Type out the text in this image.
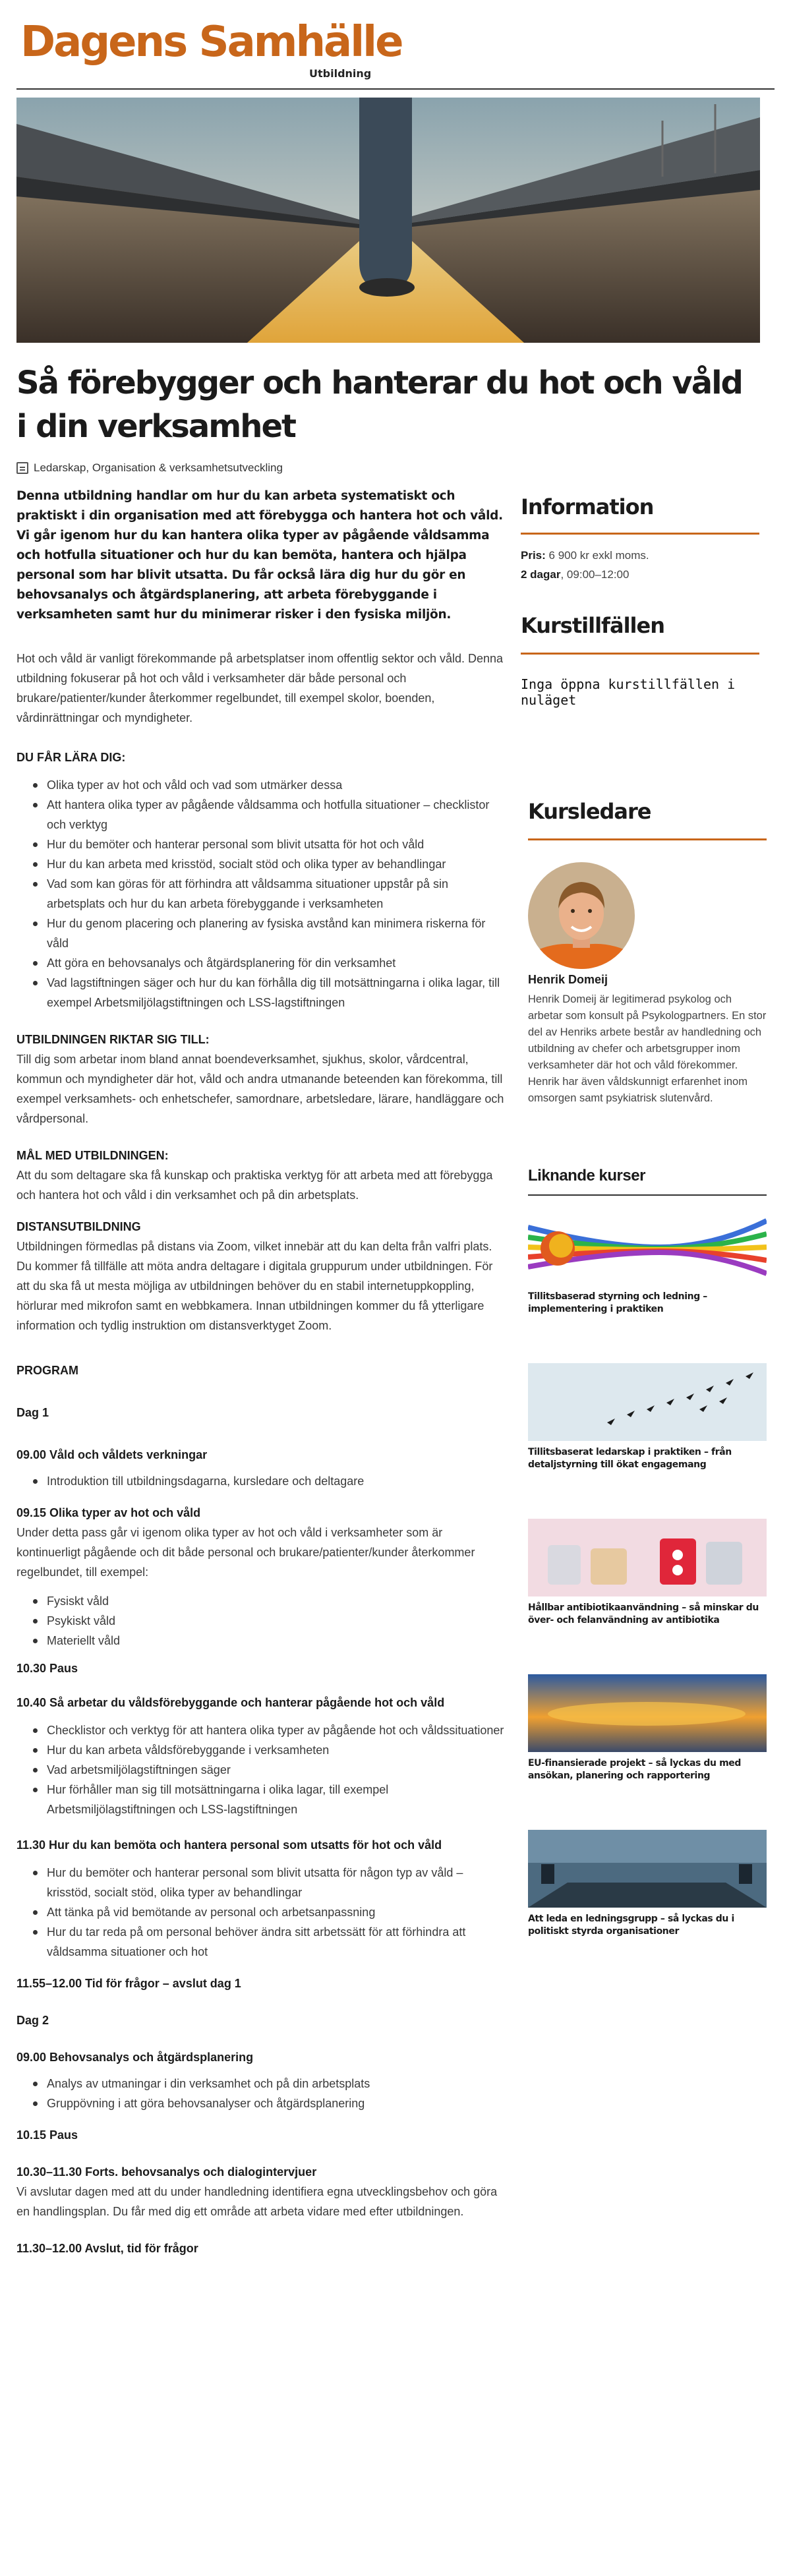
Dagens Samhälle
Utbildning
Så förebygger och hanterar du hot och våld i din verksamhet
Ledarskap, Organisation & verksamhetsutveckling

Denna utbildning handlar om hur du kan arbeta systematiskt och praktiskt i din organisation med att förebygga och hantera hot och våld. Vi går igenom hur du kan hantera olika typer av pågående våldsamma och hotfulla situationer och hur du kan bemöta, hantera och hjälpa personal som har blivit utsatta. Du får också lära dig hur du gör en behovsanalys och åtgärdsplanering, att arbeta förebyggande i verksamheten samt hur du minimerar risker i den fysiska miljön.

Hot och våld är vanligt förekommande på arbetsplatser inom offentlig sektor och våld. Denna utbildning fokuserar på hot och våld i verksamheter där både personal och brukare/patienter/kunder återkommer regelbundet, till exempel skolor, boenden, vårdinrättningar och myndigheter.

DU FÅR LÄRA DIG:

Olika typer av hot och våld och vad som utmärker dessa
Att hantera olika typer av pågående våldsamma och hotfulla situationer – checklistor och verktyg
Hur du bemöter och hanterar personal som blivit utsatta för hot och våld
Hur du kan arbeta med krisstöd, socialt stöd och olika typer av behandlingar
Vad som kan göras för att förhindra att våldsamma situationer uppstår på sin arbetsplats och hur du kan arbeta förebyggande i verksamheten
Hur du genom placering och planering av fysiska avstånd kan minimera riskerna för våld
Att göra en behovsanalys och åtgärdsplanering för din verksamhet
Vad lagstiftningen säger och hur du kan förhålla dig till motsättningarna i olika lagar, till exempel Arbetsmiljölagstiftningen och LSS-lagstiftningen

UTBILDNINGEN RIKTAR SIG TILL:

Till dig som arbetar inom bland annat boendeverksamhet, sjukhus, skolor, vårdcentral, kommun och myndigheter där hot, våld och andra utmanande beteenden kan förekomma, till exempel verksamhets- och enhetschefer, samordnare, arbetsledare, lärare, handläggare och vårdpersonal.

MÅL MED UTBILDNINGEN:

Att du som deltagare ska få kunskap och praktiska verktyg för att arbeta med att förebygga och hantera hot och våld i din verksamhet och på din arbetsplats.

DISTANSUTBILDNING

Utbildningen förmedlas på distans via Zoom, vilket innebär att du kan delta från valfri plats. Du kommer få tillfälle att möta andra deltagare i digitala gruppurum under utbildningen. För att du ska få ut mesta möjliga av utbildningen behöver du en stabil internetuppkoppling, hörlurar med mikrofon samt en webbkamera. Innan utbildningen kommer du få ytterligare information och tydlig instruktion om distansverktyget Zoom.

PROGRAM

Dag 1

09.00 Våld och våldets verkningar

Introduktion till utbildningsdagarna, kursledare och deltagare

09.15 Olika typer av hot och våld

Under detta pass går vi igenom olika typer av hot och våld i verksamheter som är kontinuerligt pågående och dit både personal och brukare/patienter/kunder återkommer regelbundet, till exempel:

Fysiskt våld
Psykiskt våld
Materiellt våld

10.30 Paus

10.40 Så arbetar du våldsförebyggande och hanterar pågående hot och våld

Checklistor och verktyg för att hantera olika typer av pågående hot och våldssituationer
Hur du kan arbeta våldsförebyggande i verksamheten
Vad arbetsmiljölagstiftningen säger
Hur förhåller man sig till motsättningarna i olika lagar, till exempel Arbetsmiljölagstiftningen och LSS-lagstiftningen

11.30 Hur du kan bemöta och hantera personal som utsatts för hot och våld

Hur du bemöter och hanterar personal som blivit utsatta för någon typ av våld – krisstöd, socialt stöd, olika typer av behandlingar
Att tänka på vid bemötande av personal och arbetsanpassning
Hur du tar reda på om personal behöver ändra sitt arbetssätt för att förhindra att våldsamma situationer och hot

11.55–12.00 Tid för frågor – avslut dag 1

Dag 2

09.00 Behovsanalys och åtgärdsplanering

Analys av utmaningar i din verksamhet och på din arbetsplats
Gruppövning i att göra behovsanalyser och åtgärdsplanering

10.15 Paus

10.30–11.30 Forts. behovsanalys och dialogintervjuer

Vi avslutar dagen med att du under handledning identifiera egna utvecklingsbehov och göra en handlingsplan. Du får med dig ett område att arbeta vidare med efter utbildningen.

11.30–12.00 Avslut, tid för frågor

Information
Pris: 6 900 kr exkl moms.
2 dagar, 09:00–12:00
Kurstillfällen

Inga öppna kurstillfällen i nuläget

Kursledare

Henrik Domeij

Henrik Domeij är legitimerad psykolog och arbetar som konsult på Psykologpartners. En stor del av Henriks arbete består av handledning och utbildning av chefer och arbetsgrupper inom verksamheter där hot och våld förekommer. Henrik har även våldskunnigt erfarenhet inom omsorgen samt psykiatrisk slutenvård.

Liknande kurser
Tillitsbaserad styrning och ledning – implementering i praktiken
Tillitsbaserat ledarskap i praktiken – från detaljstyrning till ökat engagemang
Hållbar antibiotikaanvändning – så minskar du över- och felanvändning av antibiotika
EU-finansierade projekt – så lyckas du med ansökan, planering och rapportering
Att leda en ledningsgrupp – så lyckas du i politiskt styrda organisationer
